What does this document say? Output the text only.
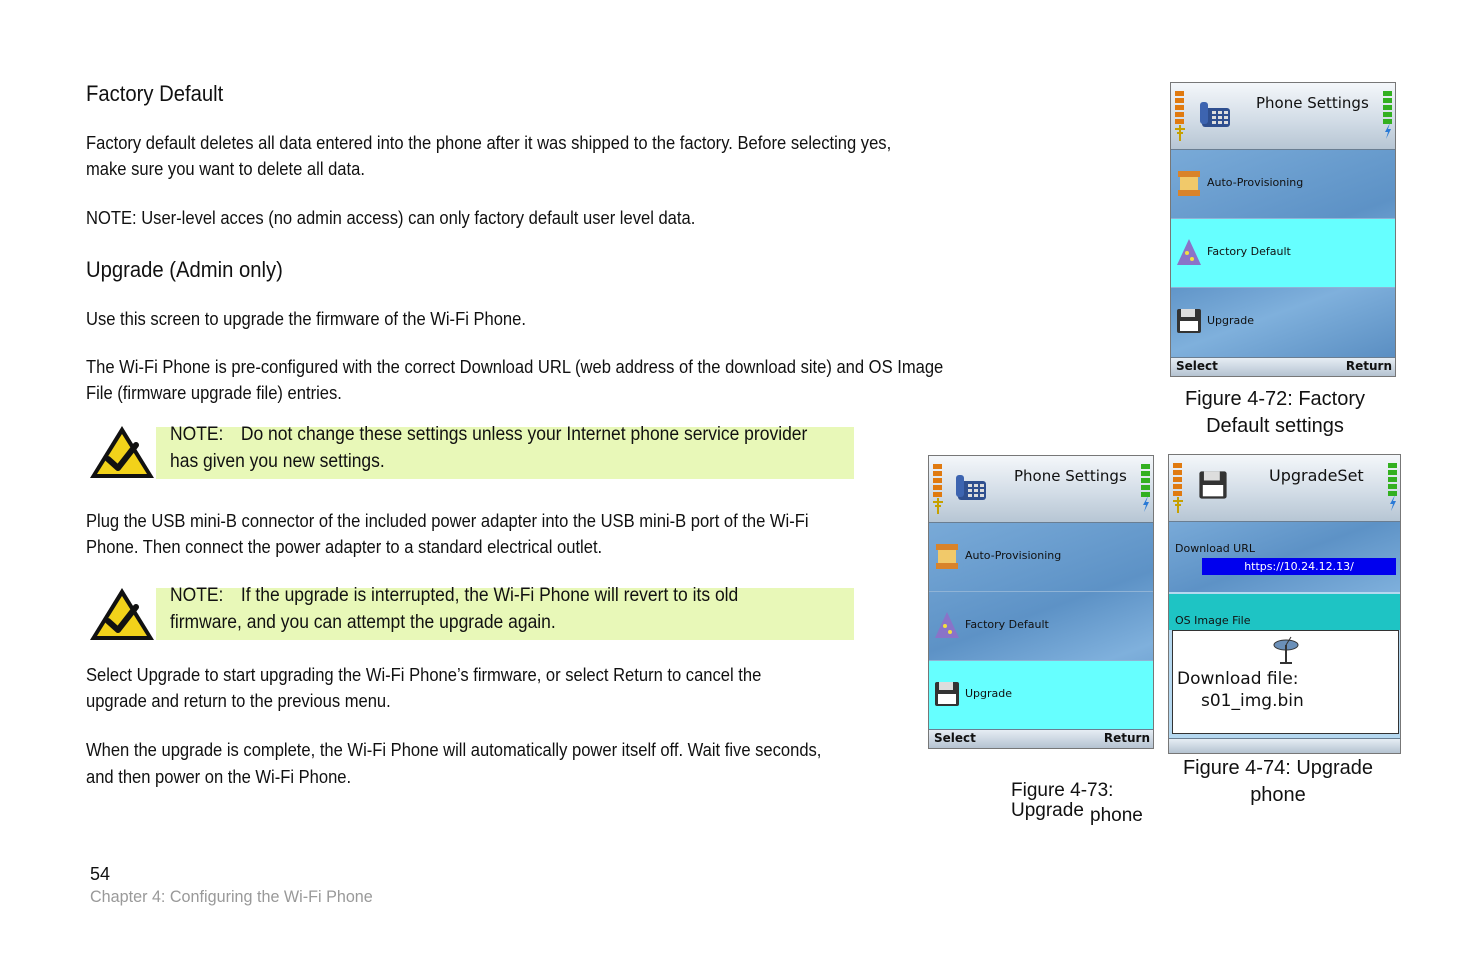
Factory Default
Factory default deletes all data entered into the phone after it was shipped to the factory. Before selecting yes,
make sure you want to delete all data.
NOTE: User-level acces (no admin access) can only factory default user level data.
Upgrade (Admin only)
Use this screen to upgrade the firmware of the Wi-Fi Phone.
The Wi-Fi Phone is pre-configured with the correct Download URL (web address of the download site) and OS Image
File (firmware upgrade file) entries.
NOTE: Do not change these settings unless your Internet phone service provider
has given you new settings.
Plug the USB mini-B connector of the included power adapter into the USB mini-B port of the Wi-Fi
Phone. Then connect the power adapter to a standard electrical outlet.
NOTE: If the upgrade is interrupted, the Wi-Fi Phone will revert to its old
firmware, and you can attempt the upgrade again.
Select Upgrade to start upgrading the Wi-Fi Phone’s firmware, or select Return to cancel the
upgrade and return to the previous menu.
When the upgrade is complete, the Wi-Fi Phone will automatically power itself off. Wait five seconds,
and then power on the Wi-Fi Phone.
54
Chapter 4: Configuring the Wi-Fi Phone
Phone Settings
Auto-Provisioning
Factory Default
Upgrade
Select	Return
Figure 4-72: Factory
Default settings
Phone Settings
Auto-Provisioning
Factory Default
Upgrade
Select	Return
Figure 4-73:
Upgrade phone
UpgradeSet
Download URL
https://10.24.12.13/
OS Image File
Download file:
s01_img.bin
Figure 4-74: Upgrade
phone
